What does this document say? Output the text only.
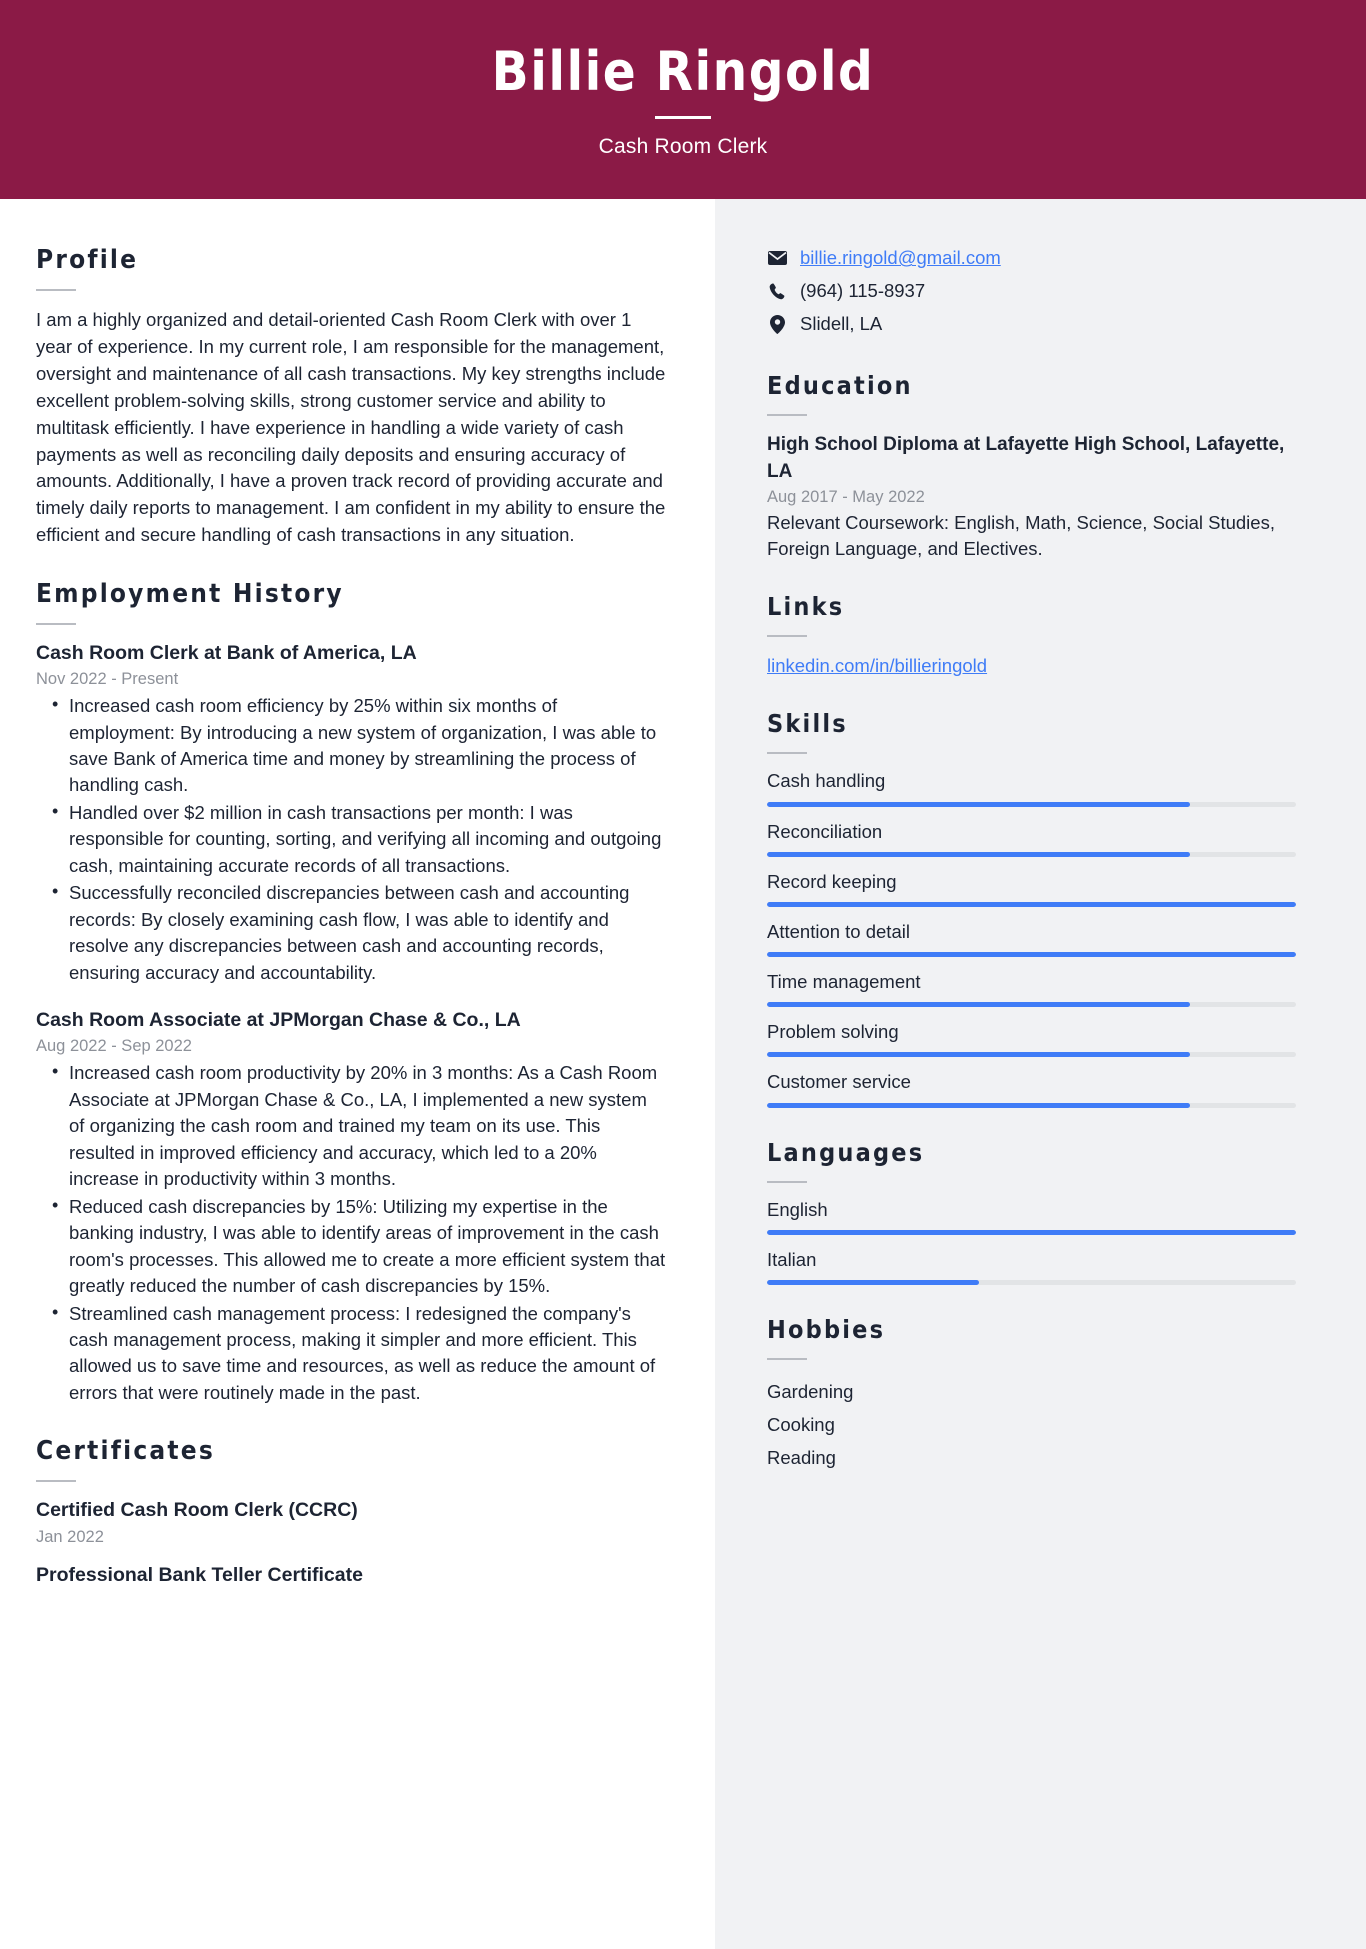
Billie Ringold
Cash Room Clerk
Profile

I am a highly organized and detail-oriented Cash Room Clerk with over 1 year of experience. In my current role, I am responsible for the management, oversight and maintenance of all cash transactions. My key strengths include excellent problem-solving skills, strong customer service and ability to multitask efficiently. I have experience in handling a wide variety of cash payments as well as reconciling daily deposits and ensuring accuracy of amounts. Additionally, I have a proven track record of providing accurate and timely daily reports to management. I am confident in my ability to ensure the efficient and secure handling of cash transactions in any situation.

Employment History
Cash Room Clerk at Bank of America, LA
Nov 2022 - Present
• Increased cash room efficiency by 25% within six months of employment: By introducing a new system of organization, I was able to save Bank of America time and money by streamlining the process of handling cash.
• Handled over $2 million in cash transactions per month: I was responsible for counting, sorting, and verifying all incoming and outgoing cash, maintaining accurate records of all transactions.
• Successfully reconciled discrepancies between cash and accounting records: By closely examining cash flow, I was able to identify and resolve any discrepancies between cash and accounting records, ensuring accuracy and accountability.
Cash Room Associate at JPMorgan Chase & Co., LA
Aug 2022 - Sep 2022
• Increased cash room productivity by 20% in 3 months: As a Cash Room Associate at JPMorgan Chase & Co., LA, I implemented a new system of organizing the cash room and trained my team on its use. This resulted in improved efficiency and accuracy, which led to a 20% increase in productivity within 3 months.
• Reduced cash discrepancies by 15%: Utilizing my expertise in the banking industry, I was able to identify areas of improvement in the cash room's processes. This allowed me to create a more efficient system that greatly reduced the number of cash discrepancies by 15%.
• Streamlined cash management process: I redesigned the company's cash management process, making it simpler and more efficient. This allowed us to save time and resources, as well as reduce the amount of errors that were routinely made in the past.
Certificates
Certified Cash Room Clerk (CCRC)
Jan 2022
Professional Bank Teller Certificate
billie.ringold@gmail.com
(964) 115-8937
Slidell, LA
Education
High School Diploma at Lafayette High School, Lafayette, LA
Aug 2017 - May 2022
Relevant Coursework: English, Math, Science, Social Studies, Foreign Language, and Electives.
Links
linkedin.com/in/billieringold
Skills
Cash handling
Reconciliation
Record keeping
Attention to detail
Time management
Problem solving
Customer service
Languages
English
Italian
Hobbies
Gardening
Cooking
Reading
